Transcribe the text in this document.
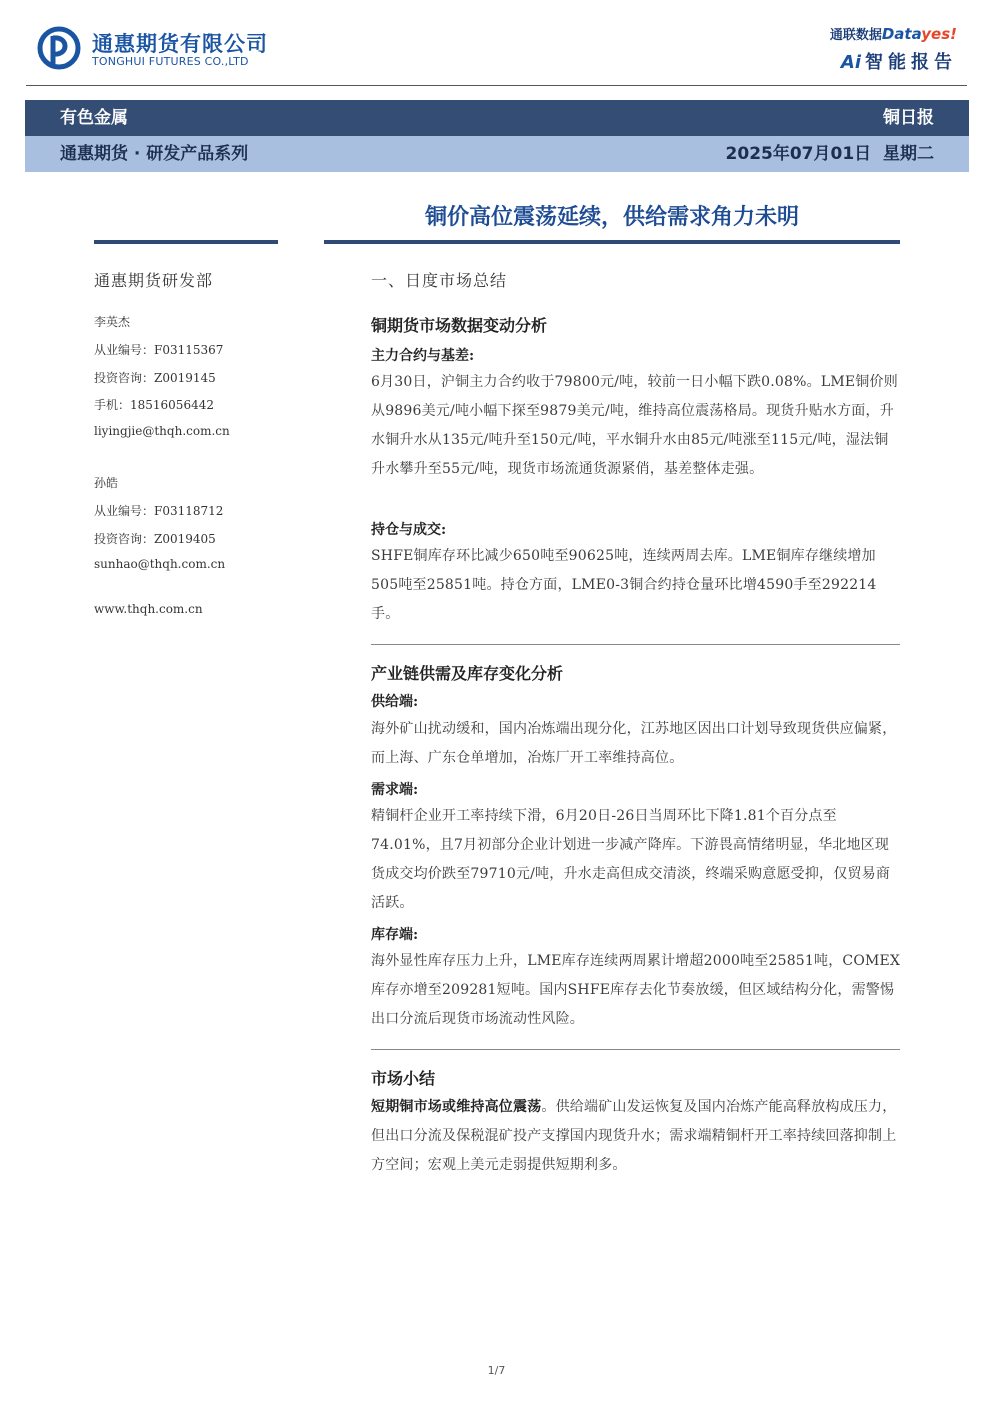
通惠期货有限公司
TONGHUI FUTURES CO.,LTD
通联数据Datayes!
Ai 智能报告
有色金属	铜日报
通惠期货 · 研发产品系列	2025年07月01日  星期二
铜价高位震荡延续，供给需求角力未明
通惠期货研发部
李英杰
从业编号：F03115367
投资咨询：Z0019145
手机：18516056442
liyingjie@thqh.com.cn
孙皓
从业编号：F03118712
投资咨询：Z0019405
sunhao@thqh.com.cn
www.thqh.com.cn
一、日度市场总结
铜期货市场数据变动分析
主力合约与基差:
6月30日，沪铜主力合约收于79800元/吨，较前一日小幅下跌0.08%。LME铜价则从9896美元/吨小幅下探至9879美元/吨，维持高位震荡格局。现货升贴水方面，升水铜升水从135元/吨升至150元/吨，平水铜升水由85元/吨涨至115元/吨，湿法铜升水攀升至55元/吨，现货市场流通货源紧俏，基差整体走强。
持仓与成交:
SHFE铜库存环比减少650吨至90625吨，连续两周去库。LME铜库存继续增加505吨至25851吨。持仓方面，LME0-3铜合约持仓量环比增4590手至292214手。
产业链供需及库存变化分析
供给端:
海外矿山扰动缓和，国内冶炼端出现分化，江苏地区因出口计划导致现货供应偏紧，而上海、广东仓单增加，冶炼厂开工率维持高位。
需求端:
精铜杆企业开工率持续下滑，6月20日-26日当周环比下降1.81个百分点至74.01%，且7月初部分企业计划进一步减产降库。下游畏高情绪明显，华北地区现货成交均价跌至79710元/吨，升水走高但成交清淡，终端采购意愿受抑，仅贸易商活跃。
库存端:
海外显性库存压力上升，LME库存连续两周累计增超2000吨至25851吨，COMEX库存亦增至209281短吨。国内SHFE库存去化节奏放缓，但区域结构分化，需警惕出口分流后现货市场流动性风险。
市场小结
短期铜市场或维持高位震荡。供给端矿山发运恢复及国内冶炼产能高释放构成压力，但出口分流及保税混矿投产支撑国内现货升水；需求端精铜杆开工率持续回落抑制上方空间；宏观上美元走弱提供短期利多。
1/7
